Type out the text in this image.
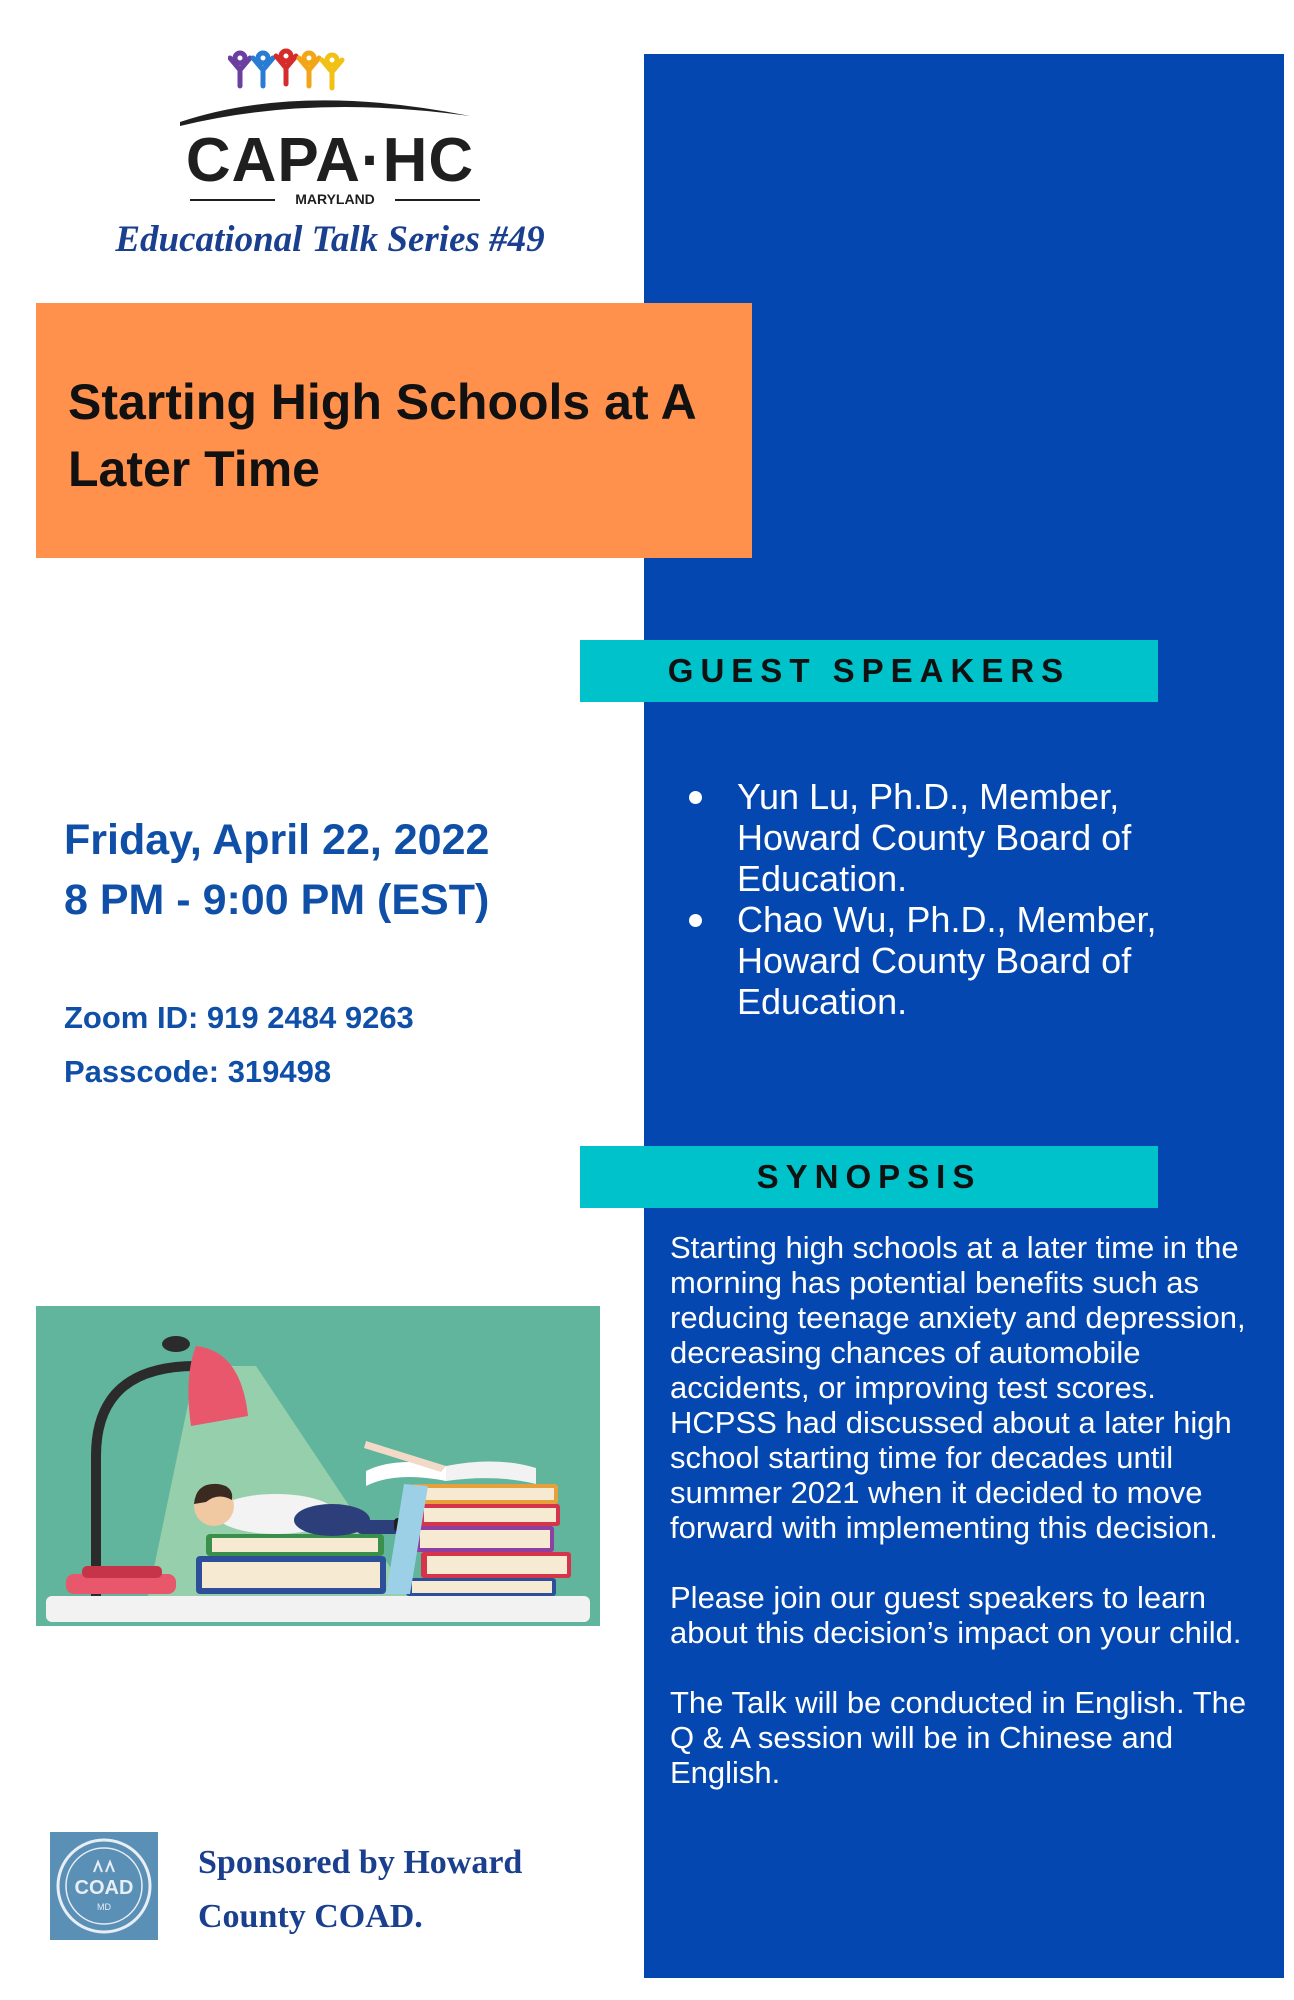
CAPA·HC
MARYLAND
Educational Talk Series #49
Starting High Schools at A Later Time
GUEST SPEAKERS
Yun Lu, Ph.D., Member, Howard County Board of Education.
Chao Wu, Ph.D., Member, Howard County Board of Education.
Friday, April 22, 2022
8 PM - 9:00 PM (EST)
Zoom ID: 919 2484 9263
Passcode: 319498
SYNOPSIS

Starting high schools at a later time in the morning has potential benefits such as reducing teenage anxiety and depression, decreasing chances of automobile accidents, or improving test scores. HCPSS had discussed about a later high school starting time for decades until summer 2021 when it decided to move forward with implementing this decision.

Please join our guest speakers to learn about this decision’s impact on your child.

The Talk will be conducted in English. The Q & A session will be in Chinese and English.

COAD
MD
Sponsored by Howard County COAD.
